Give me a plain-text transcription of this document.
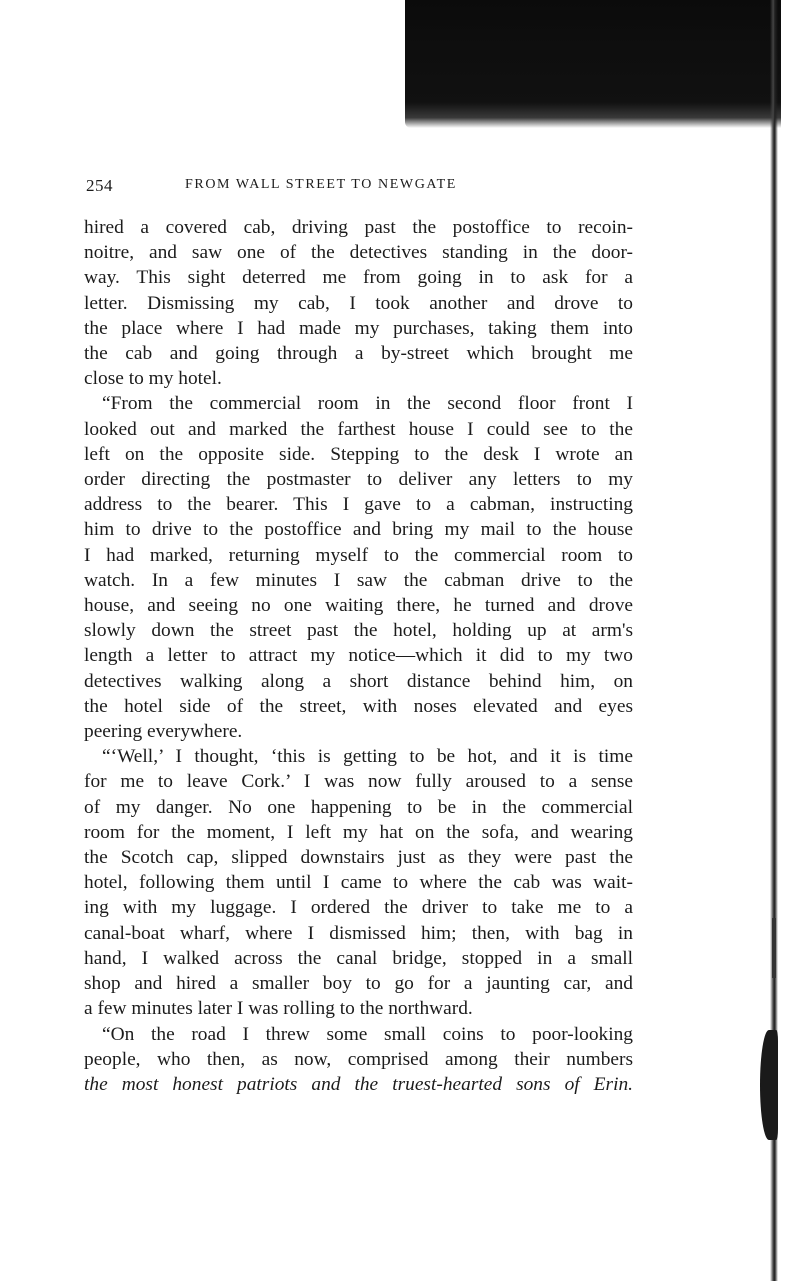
254	FROM WALL STREET TO NEWGATE
hired a covered cab, driving past the postoffice to recoin-
noitre, and saw one of the detectives standing in the door-
way. This sight deterred me from going in to ask for a
letter. Dismissing my cab, I took another and drove to
the place where I had made my purchases, taking them into
the cab and going through a by-street which brought me
close to my hotel.
“From the commercial room in the second floor front I
looked out and marked the farthest house I could see to the
left on the opposite side. Stepping to the desk I wrote an
order directing the postmaster to deliver any letters to my
address to the bearer. This I gave to a cabman, instructing
him to drive to the postoffice and bring my mail to the house
I had marked, returning myself to the commercial room to
watch. In a few minutes I saw the cabman drive to the
house, and seeing no one waiting there, he turned and drove
slowly down the street past the hotel, holding up at arm's
length a letter to attract my notice—which it did to my two
detectives walking along a short distance behind him, on
the hotel side of the street, with noses elevated and eyes
peering everywhere.
“‘Well,’ I thought, ‘this is getting to be hot, and it is time
for me to leave Cork.’ I was now fully aroused to a sense
of my danger. No one happening to be in the commercial
room for the moment, I left my hat on the sofa, and wearing
the Scotch cap, slipped downstairs just as they were past the
hotel, following them until I came to where the cab was wait-
ing with my luggage. I ordered the driver to take me to a
canal-boat wharf, where I dismissed him; then, with bag in
hand, I walked across the canal bridge, stopped in a small
shop and hired a smaller boy to go for a jaunting car, and
a few minutes later I was rolling to the northward.
“On the road I threw some small coins to poor-looking
people, who then, as now, comprised among their numbers
the most honest patriots and the truest-hearted sons of Erin.
